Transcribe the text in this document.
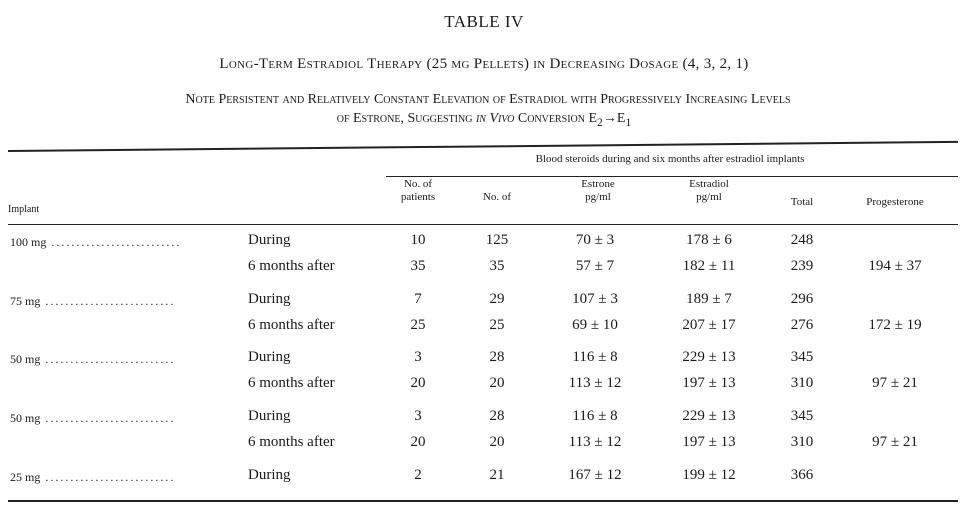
TABLE IV
Long-Term Estradiol Therapy (25 mg Pellets) in Decreasing Dosage (4, 3, 2, 1)
Note Persistent and Relatively Constant Elevation of Estradiol with Progressively Increasing Levels
of Estrone, Suggesting in Vivo Conversion $E_2\to E_1$
Blood steroids during and six months after estradiol implants
Implant
No. of
patients	No. of
Estrone
pg/ml
Estradiol
pg/ml	Total	Progesterone
100 mg ..........................	During	10	125	70 ± 3	178 ± 6	248
6 months after	35	35	57 ± 7	182 ± 11	239	194 ± 37
75 mg ..........................	During	7	29	107 ± 3	189 ± 7	296
6 months after	25	25	69 ± 10	207 ± 17	276	172 ± 19
50 mg ..........................	During	3	28	116 ± 8	229 ± 13	345
6 months after	20	20	113 ± 12	197 ± 13	310	97 ± 21
50 mg ..........................	During	3	28	116 ± 8	229 ± 13	345
6 months after	20	20	113 ± 12	197 ± 13	310	97 ± 21
25 mg ..........................	During	2	21	167 ± 12	199 ± 12	366
